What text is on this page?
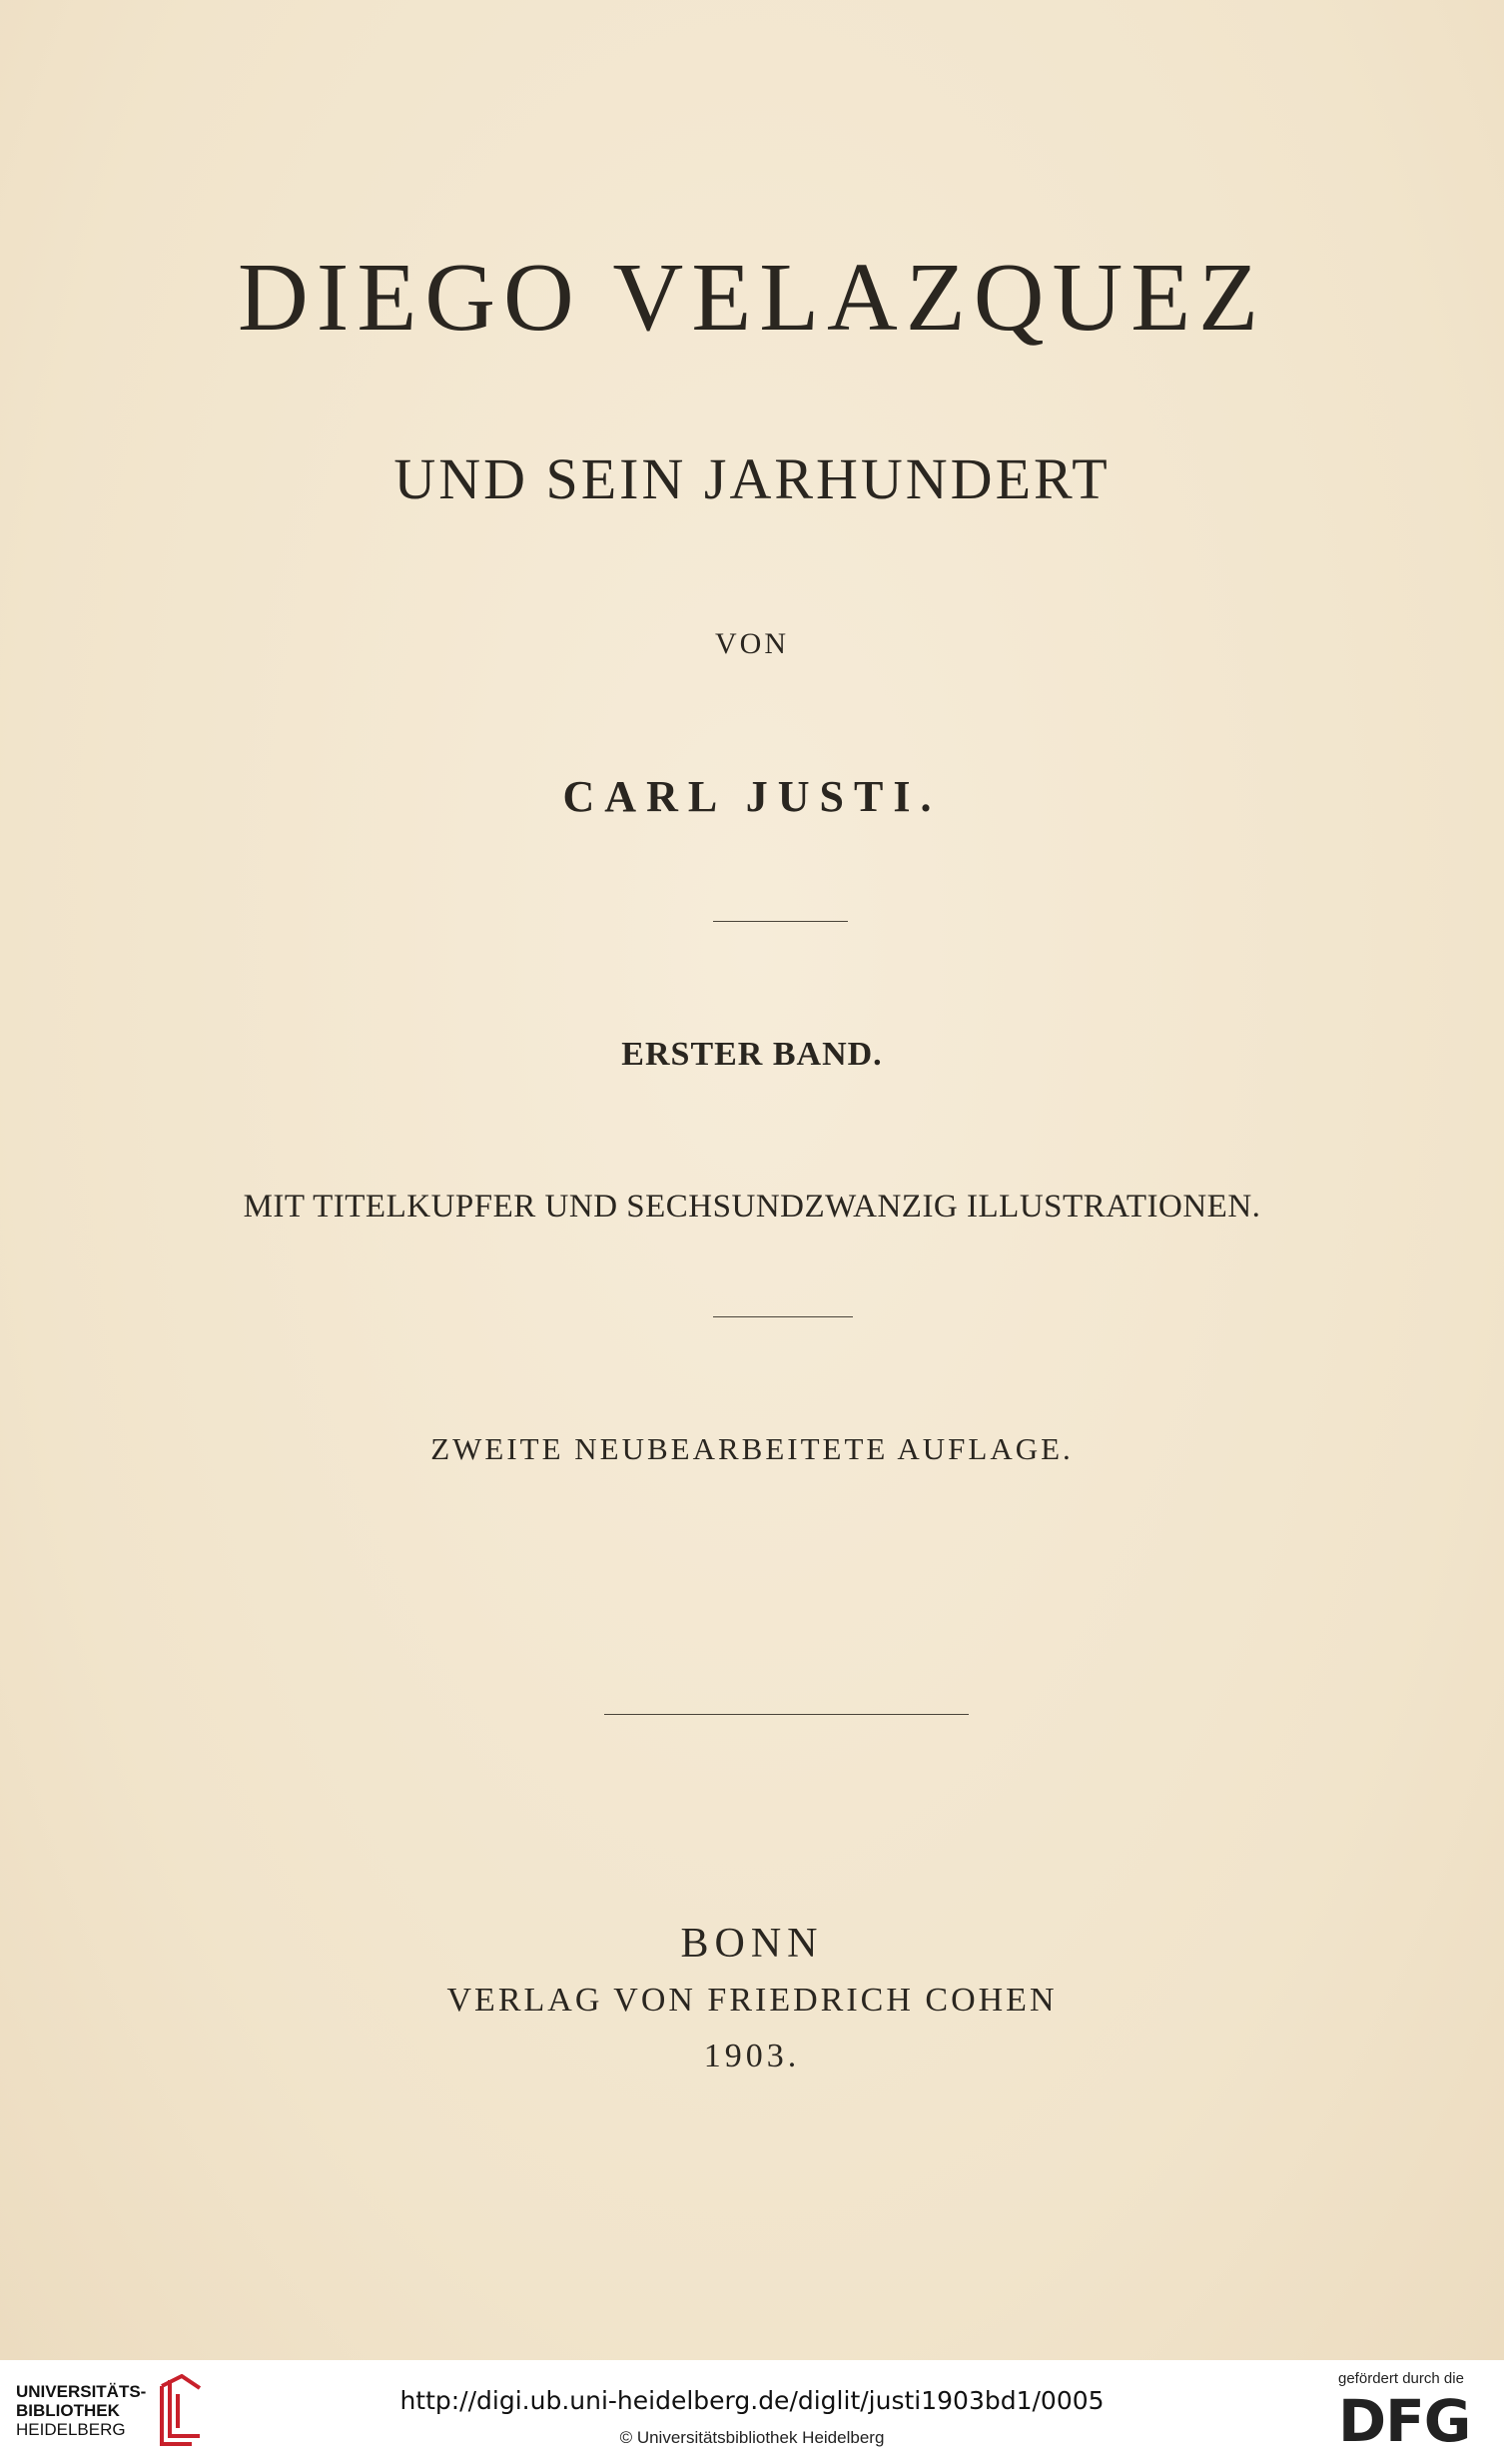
DIEGO VELAZQUEZ
UND SEIN JARHUNDERT
VON
CARL JUSTI.
ERSTER BAND.
MIT TITELKUPFER UND SECHSUNDZWANZIG ILLUSTRATIONEN.
ZWEITE NEUBEARBEITETE AUFLAGE.
BONN
VERLAG VON FRIEDRICH COHEN
1903.
UNIVERSITÄTS-
BIBLIOTHEK
HEIDELBERG
http://digi.ub.uni-heidelberg.de/diglit/justi1903bd1/0005
© Universitätsbibliothek Heidelberg
gefördert durch die
DFG
